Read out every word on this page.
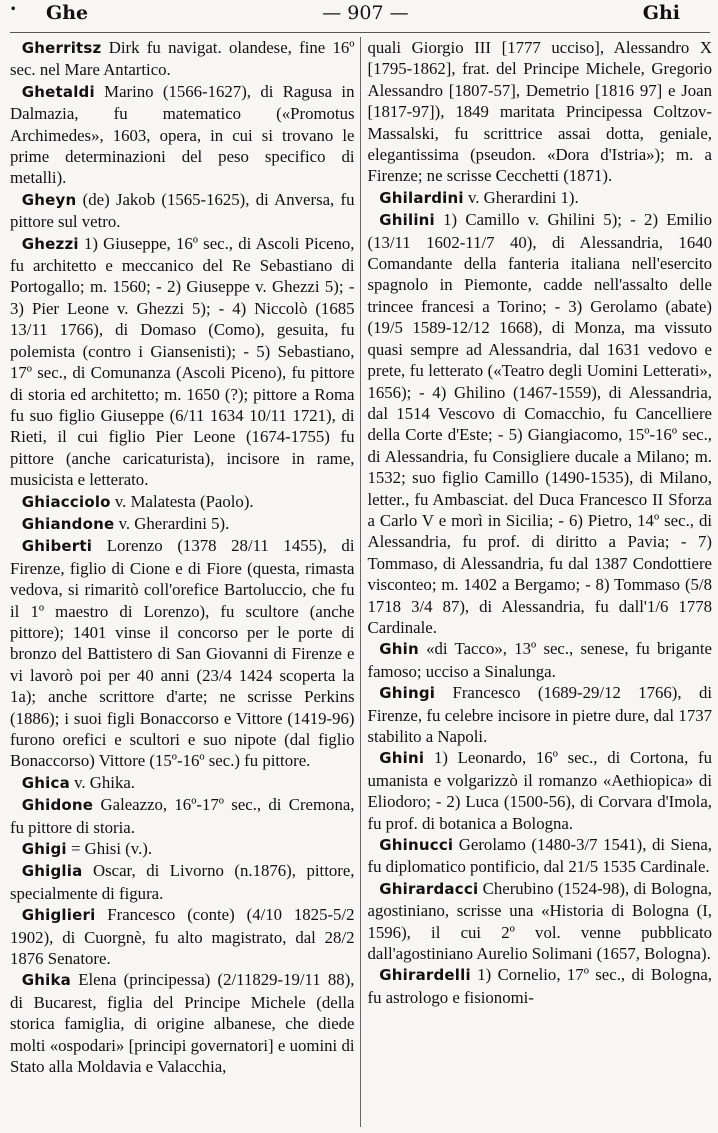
•	Ghe	— 907 —	Ghi

Gherritsz Dirk fu navigat. olandese, fine 16º sec. nel Mare Antartico.

Ghetaldi Marino (1566-1627), di Ragusa in Dalmazia, fu matematico («Promotus Archimedes», 1603, opera, in cui si trovano le prime determinazioni del peso specifico di metalli).

Gheyn (de) Jakob (1565-1625), di Anversa, fu pittore sul vetro.

Ghezzi 1) Giuseppe, 16º sec., di Ascoli Piceno, fu architetto e meccanico del Re Sebastiano di Portogallo; m. 1560; - 2) Giuseppe v. Ghezzi 5); - 3) Pier Leone v. Ghezzi 5); - 4) Niccolò (1685 13/11 1766), di Domaso (Como), gesuita, fu polemista (contro i Giansenisti); - 5) Sebastiano, 17º sec., di Comunanza (Ascoli Piceno), fu pittore di storia ed architetto; m. 1650 (?); pittore a Roma fu suo figlio Giuseppe (6/11 1634 10/11 1721), di Rieti, il cui figlio Pier Leone (1674-1755) fu pittore (anche caricaturista), incisore in rame, musicista e letterato.

Ghiacciolo v. Malatesta (Paolo).

Ghiandone v. Gherardini 5).

Ghiberti Lorenzo (1378 28/11 1455), di Firenze, figlio di Cione e di Fiore (questa, rimasta vedova, si rimaritò coll'orefice Bartoluccio, che fu il 1º maestro di Lorenzo), fu scultore (anche pittore); 1401 vinse il concorso per le porte di bronzo del Battistero di San Giovanni di Firenze e vi lavorò poi per 40 anni (23/4 1424 scoperta la 1a); anche scrittore d'arte; ne scrisse Perkins (1886); i suoi figli Bonaccorso e Vittore (1419-96) furono orefici e scultori e suo nipote (dal figlio Bonaccorso) Vittore (15º-16º sec.) fu pittore.

Ghica v. Ghika.

Ghidone Galeazzo, 16º-17º sec., di Cremona, fu pittore di storia.

Ghigi = Ghisi (v.).

Ghiglia Oscar, di Livorno (n.1876), pittore, specialmente di figura.

Ghiglieri Francesco (conte) (4/10 1825-5/2 1902), di Cuorgnè, fu alto magistrato, dal 28/2 1876 Senatore.

Ghika Elena (principessa) (2/11829-19/11 88), di Bucarest, figlia del Principe Michele (della storica famiglia, di origine albanese, che diede molti «ospodari» [principi governatori] e uomini di Stato alla Moldavia e Valacchia,

quali Giorgio III [1777 ucciso], Alessandro X [1795-1862], frat. del Principe Michele, Gregorio Alessandro [1807-57], Demetrio [1816 97] e Joan [1817-97]), 1849 maritata Principessa Coltzov-Massalski, fu scrittrice assai dotta, geniale, elegantissima (pseudon. «Dora d'Istria»); m. a Firenze; ne scrisse Cecchetti (1871).

Ghilardini v. Gherardini 1).

Ghilini 1) Camillo v. Ghilini 5); - 2) Emilio (13/11 1602-11/7 40), di Alessandria, 1640 Comandante della fanteria italiana nell'esercito spagnolo in Piemonte, cadde nell'assalto delle trincee francesi a Torino; - 3) Gerolamo (abate) (19/5 1589-12/12 1668), di Monza, ma vissuto quasi sempre ad Alessandria, dal 1631 vedovo e prete, fu letterato («Teatro degli Uomini Letterati», 1656); - 4) Ghilino (1467-1559), di Alessandria, dal 1514 Vescovo di Comacchio, fu Cancelliere della Corte d'Este; - 5) Giangiacomo, 15º-16º sec., di Alessandria, fu Consigliere ducale a Milano; m. 1532; suo figlio Camillo (1490-1535), di Milano, letter., fu Ambasciat. del Duca Francesco II Sforza a Carlo V e morì in Sicilia; - 6) Pietro, 14º sec., di Alessandria, fu prof. di diritto a Pavia; - 7) Tommaso, di Alessandria, fu dal 1387 Condottiere visconteo; m. 1402 a Bergamo; - 8) Tommaso (5/8 1718 3/4 87), di Alessandria, fu dall'1/6 1778 Cardinale.

Ghin «di Tacco», 13º sec., senese, fu brigante famoso; ucciso a Sinalunga.

Ghingi Francesco (1689-29/12 1766), di Firenze, fu celebre incisore in pietre dure, dal 1737 stabilito a Napoli.

Ghini 1) Leonardo, 16º sec., di Cortona, fu umanista e volgarizzò il romanzo «Aethiopica» di Eliodoro; - 2) Luca (1500-56), di Corvara d'Imola, fu prof. di botanica a Bologna.

Ghinucci Gerolamo (1480-3/7 1541), di Siena, fu diplomatico pontificio, dal 21/5 1535 Cardinale.

Ghirardacci Cherubino (1524-98), di Bologna, agostiniano, scrisse una «Historia di Bologna (I, 1596), il cui 2º vol. venne pubblicato dall'agostiniano Aurelio Solimani (1657, Bologna).

Ghirardelli 1) Cornelio, 17º sec., di Bologna, fu astrologo e fisionomi-
